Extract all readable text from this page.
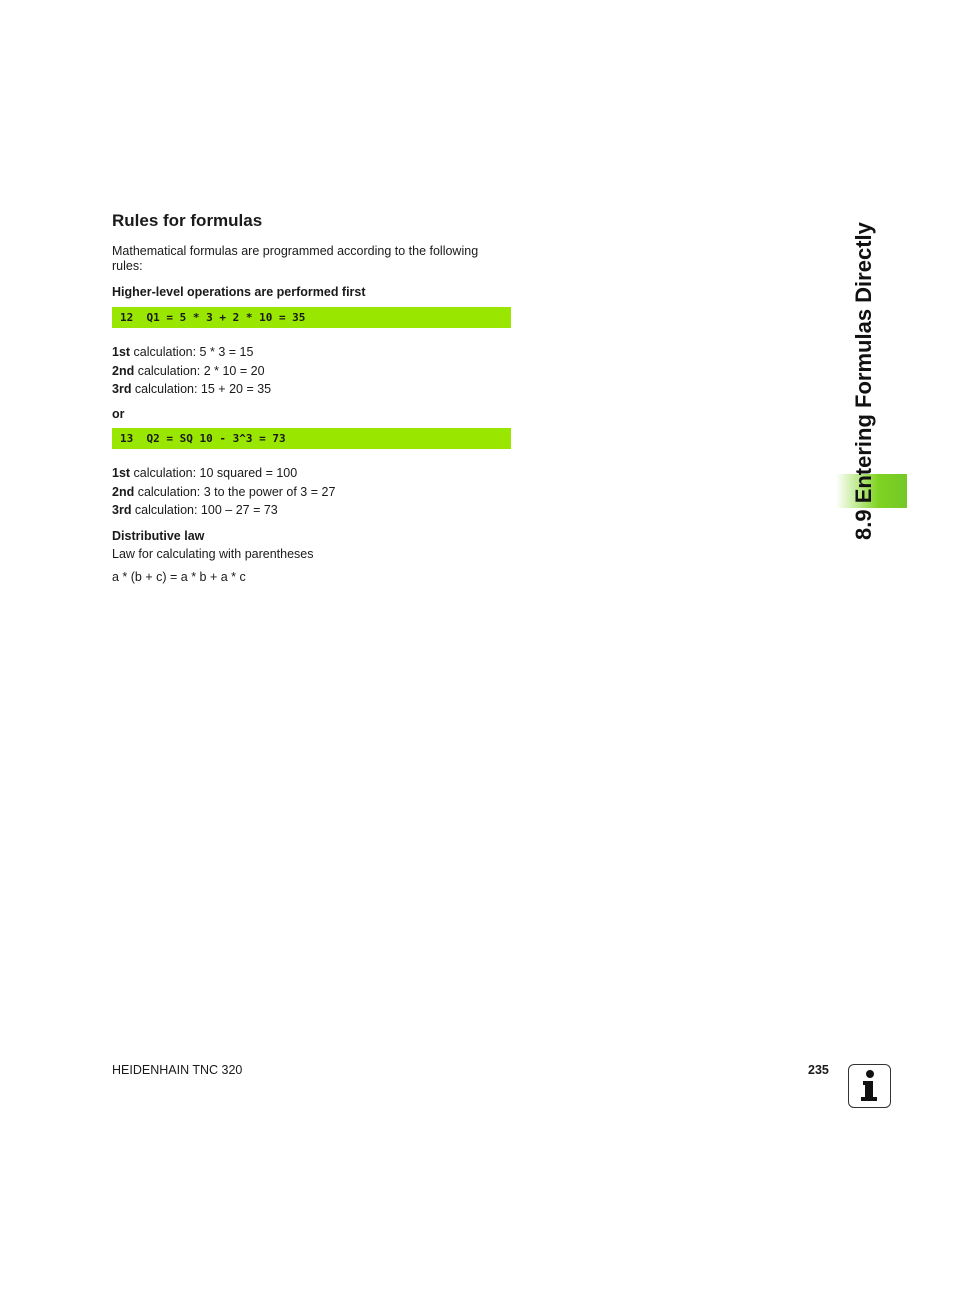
Rules for formulas
Mathematical formulas are programmed according to the following rules:
Higher-level operations are performed first
12  Q1 = 5 * 3 + 2 * 10 = 35
1st calculation: 5 * 3 = 15
2nd calculation: 2 * 10 = 20
3rd calculation: 15 + 20 = 35
or
13  Q2 = SQ 10 - 3^3 = 73
1st calculation: 10 squared = 100
2nd calculation: 3 to the power of 3 = 27
3rd calculation: 100 – 27 = 73
Distributive law
Law for calculating with parentheses
a * (b + c) = a * b + a * c
8.9 Entering Formulas Directly
HEIDENHAIN TNC 320	235
